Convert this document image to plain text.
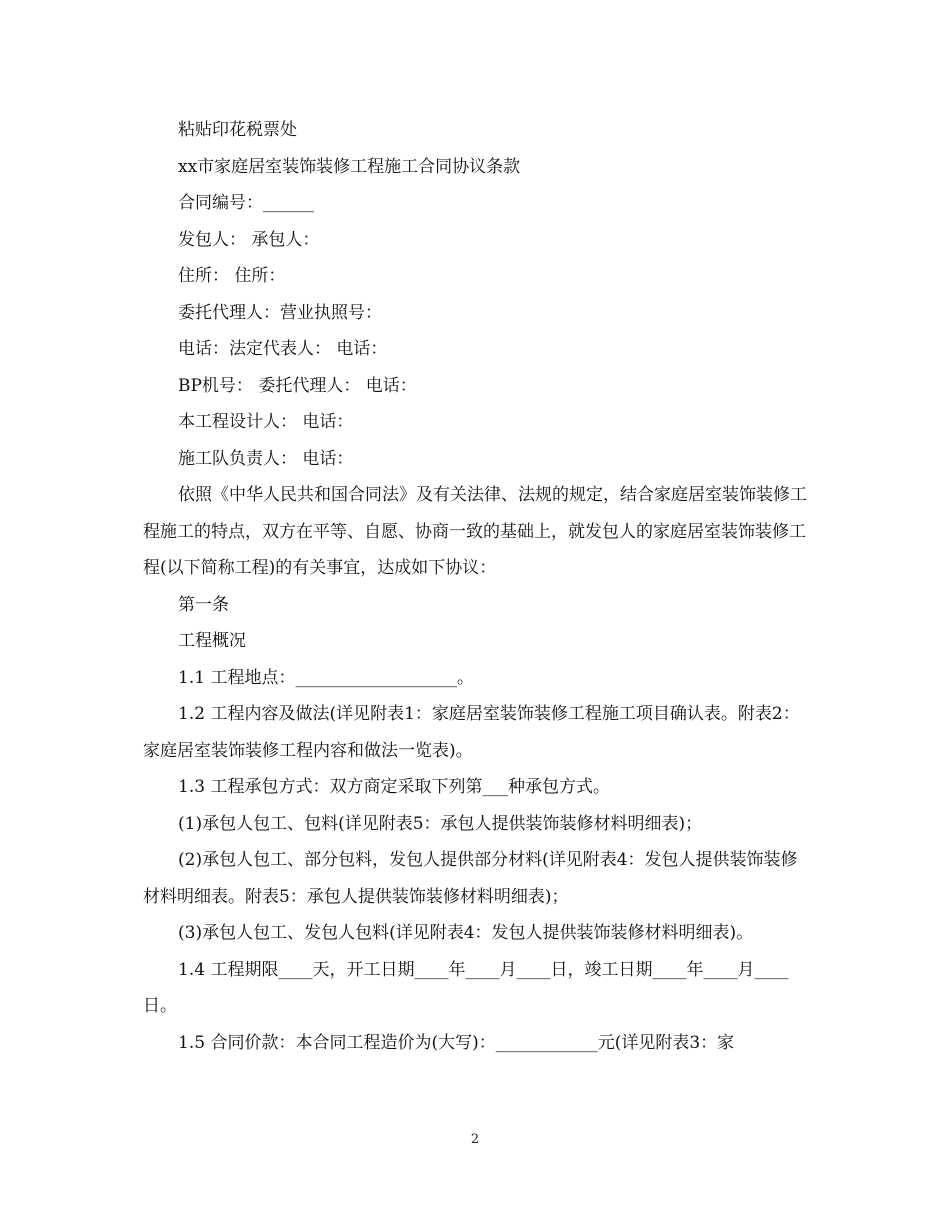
粘贴印花税票处

xx市家庭居室装饰装修工程施工合同协议条款

合同编号：______

发包人： 承包人：

住所： 住所：

委托代理人：营业执照号：

电话：法定代表人： 电话：

BP机号： 委托代理人： 电话：

本工程设计人： 电话：

施工队负责人： 电话：

依照《中华人民共和国合同法》及有关法律、法规的规定，结合家庭居室装饰装修工程施工的特点，双方在平等、自愿、协商一致的基础上，就发包人的家庭居室装饰装修工程(以下简称工程)的有关事宜，达成如下协议：

第一条

工程概况

1.1 工程地点：___________________。

1.2 工程内容及做法(详见附表1：家庭居室装饰装修工程施工项目确认表。附表2：家庭居室装饰装修工程内容和做法一览表)。

1.3 工程承包方式：双方商定采取下列第___种承包方式。

(1)承包人包工、包料(详见附表5：承包人提供装饰装修材料明细表)；

(2)承包人包工、部分包料，发包人提供部分材料(详见附表4：发包人提供装饰装修材料明细表。附表5：承包人提供装饰装修材料明细表)；

(3)承包人包工、发包人包料(详见附表4：发包人提供装饰装修材料明细表)。

1.4 工程期限____天，开工日期____年____月____日，竣工日期____年____月____日。

1.5 合同价款：本合同工程造价为(大写)：____________元(详见附表3：家

2
